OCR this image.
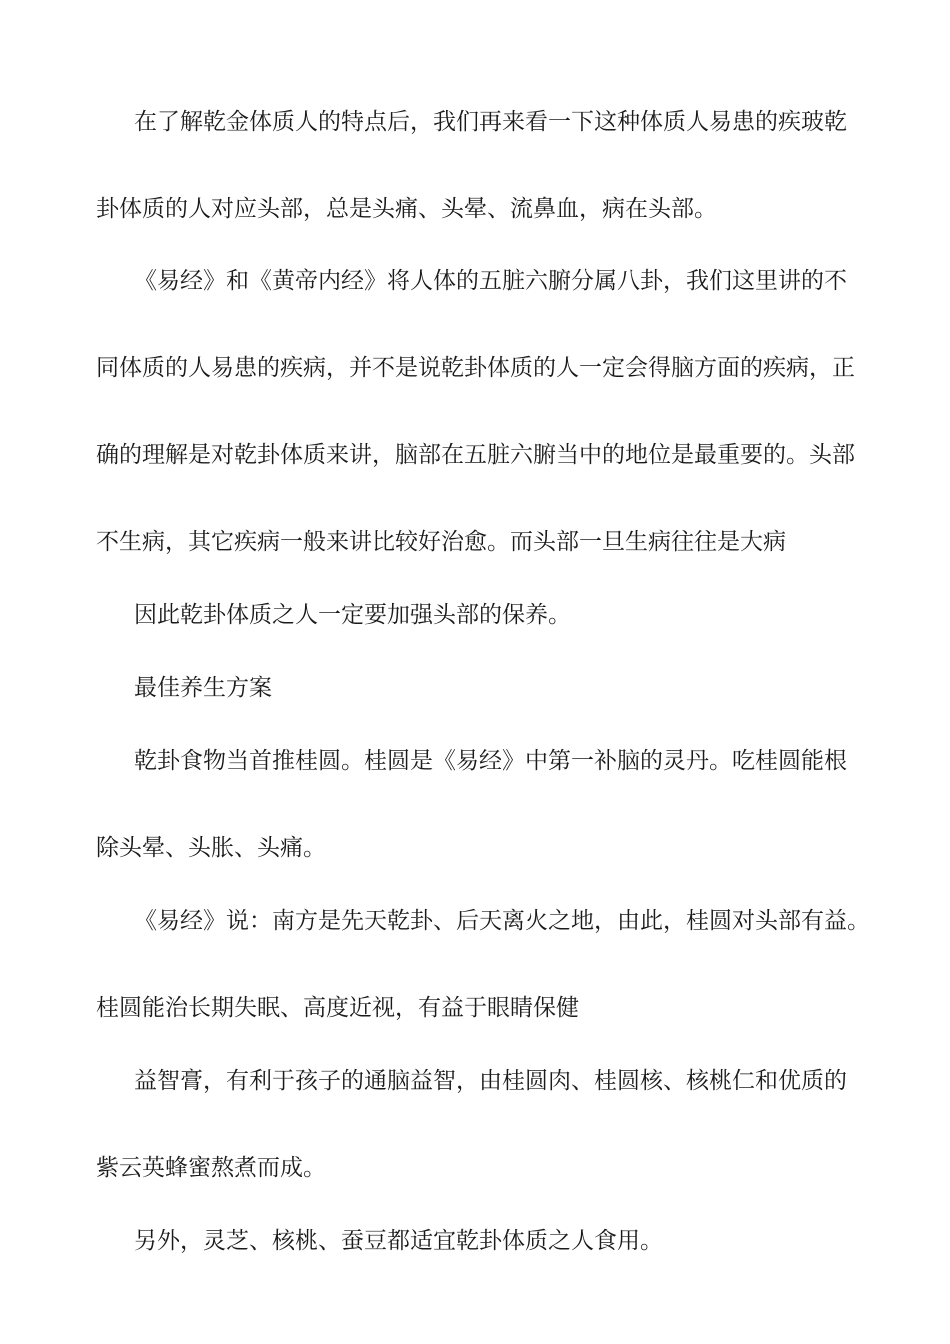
在了解乾金体质人的特点后，我们再来看一下这种体质人易患的疾玻乾
卦体质的人对应头部，总是头痛、头晕、流鼻血，病在头部。
《易经》和《黄帝内经》将人体的五脏六腑分属八卦，我们这里讲的不
同体质的人易患的疾病，并不是说乾卦体质的人一定会得脑方面的疾病，正
确的理解是对乾卦体质来讲，脑部在五脏六腑当中的地位是最重要的。头部
不生病，其它疾病一般来讲比较好治愈。而头部一旦生病往往是大病
因此乾卦体质之人一定要加强头部的保养。
最佳养生方案
乾卦食物当首推桂圆。桂圆是《易经》中第一补脑的灵丹。吃桂圆能根
除头晕、头胀、头痛。
《易经》说：南方是先天乾卦、后天离火之地，由此，桂圆对头部有益。
桂圆能治长期失眠、高度近视，有益于眼睛保健
益智膏，有利于孩子的通脑益智，由桂圆肉、桂圆核、核桃仁和优质的
紫云英蜂蜜熬煮而成。
另外，灵芝、核桃、蚕豆都适宜乾卦体质之人食用。
